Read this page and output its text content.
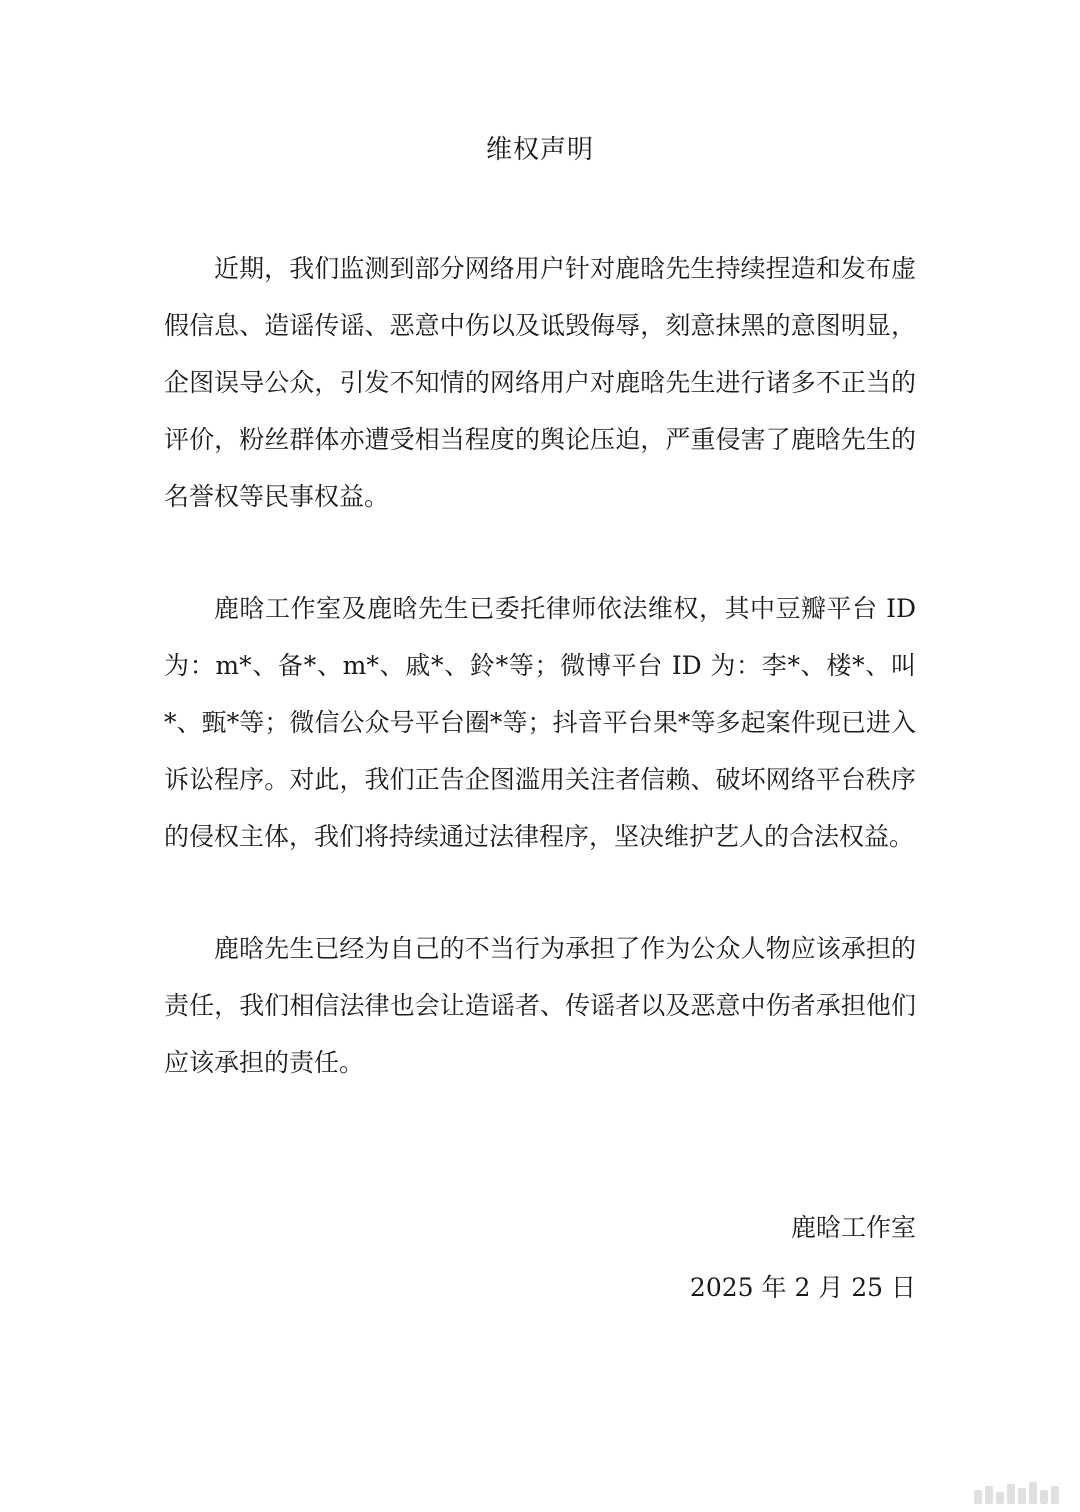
维权声明

近期，我们监测到部分网络用户针对鹿晗先生持续捏造和发布虚假信息、造谣传谣、恶意中伤以及诋毁侮辱，刻意抹黑的意图明显，企图误导公众，引发不知情的网络用户对鹿晗先生进行诸多不正当的评价，粉丝群体亦遭受相当程度的舆论压迫，严重侵害了鹿晗先生的名誉权等民事权益。

鹿晗工作室及鹿晗先生已委托律师依法维权，其中豆瓣平台 ID 为：m*、备*、m*、戚*、鈴*等；微博平台 ID 为：李*、楼*、叫*、甄*等；微信公众号平台圈*等；抖音平台果*等多起案件现已进入诉讼程序。对此，我们正告企图滥用关注者信赖、破坏网络平台秩序的侵权主体，我们将持续通过法律程序，坚决维护艺人的合法权益。

鹿晗先生已经为自己的不当行为承担了作为公众人物应该承担的责任，我们相信法律也会让造谣者、传谣者以及恶意中伤者承担他们应该承担的责任。

鹿晗工作室
2025 年 2 月 25 日
